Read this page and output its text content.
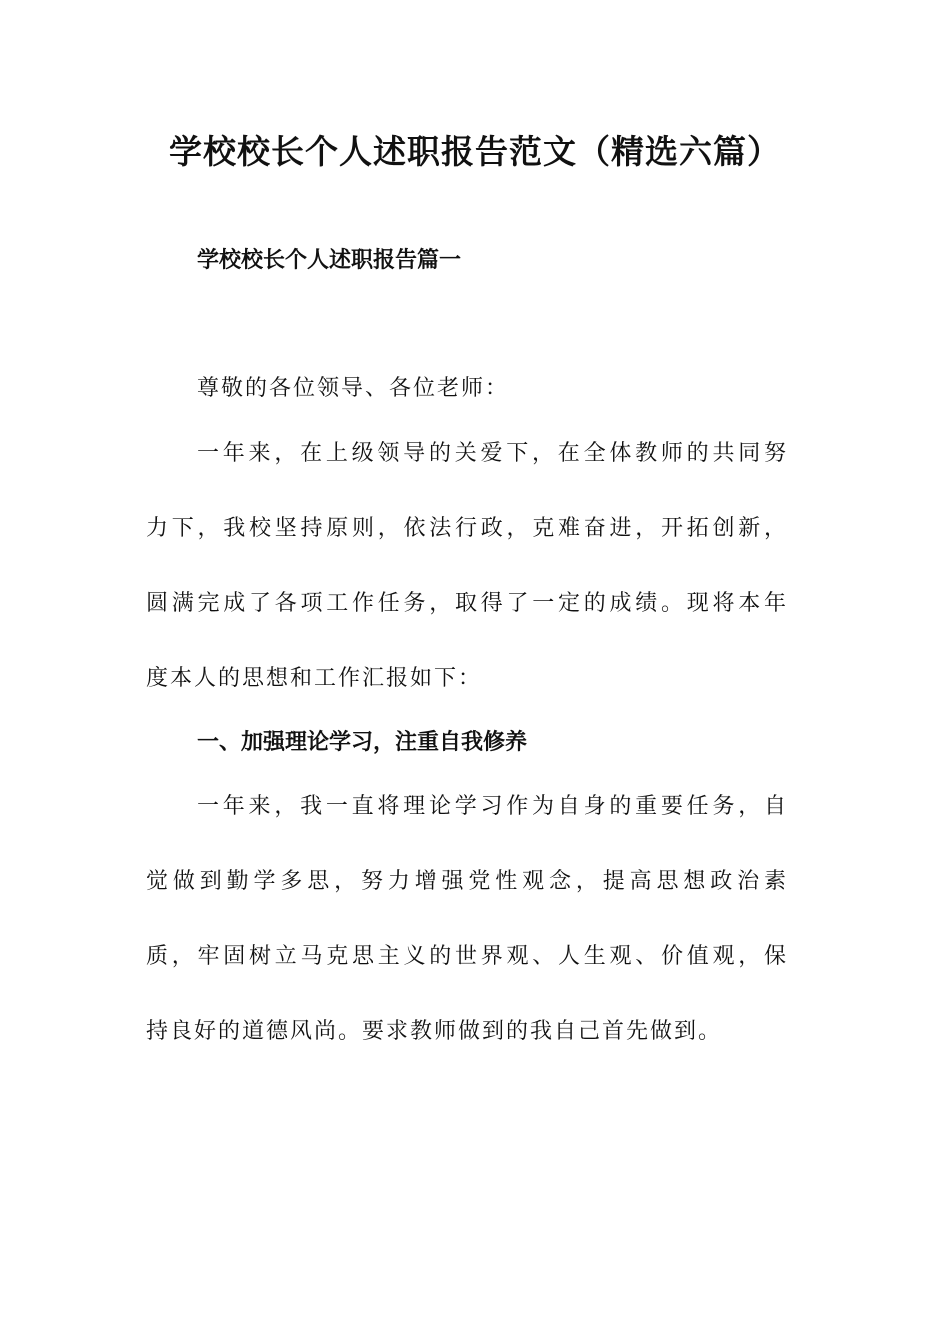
学校校长个人述职报告范文（精选六篇）
学校校长个人述职报告篇一
尊敬的各位领导、各位老师：
一年来，在上级领导的关爱下，在全体教师的共同努
力下，我校坚持原则，依法行政，克难奋进，开拓创新，
圆满完成了各项工作任务，取得了一定的成绩。现将本年
度本人的思想和工作汇报如下：
一、加强理论学习，注重自我修养
一年来，我一直将理论学习作为自身的重要任务，自
觉做到勤学多思，努力增强党性观念，提高思想政治素
质，牢固树立马克思主义的世界观、人生观、价值观，保
持良好的道德风尚。要求教师做到的我自己首先做到。
